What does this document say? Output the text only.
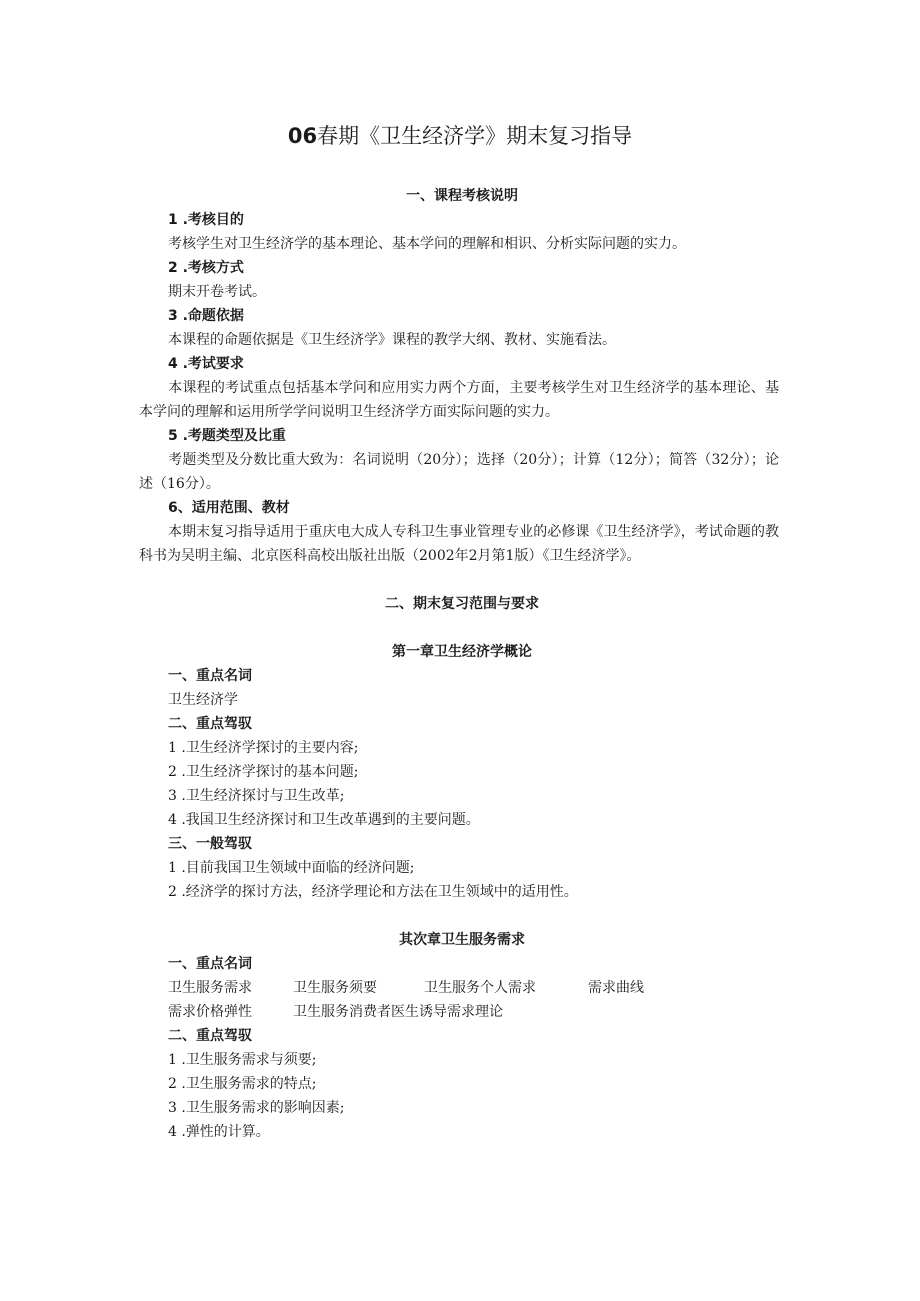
06春期《卫生经济学》期末复习指导
一、课程考核说明
1 .考核目的
考核学生对卫生经济学的基本理论、基本学问的理解和相识、分析实际问题的实力。
2 .考核方式
期末开卷考试。
3 .命题依据
本课程的命题依据是《卫生经济学》课程的教学大纲、教材、实施看法。
4 .考试要求
本课程的考试重点包括基本学问和应用实力两个方面，主要考核学生对卫生经济学的基本理论、基本学问的理解和运用所学学问说明卫生经济学方面实际问题的实力。
5 .考题类型及比重
考题类型及分数比重大致为：名词说明（20分）；选择（20分）；计算（12分）；简答（32分）；论述（16分）。
6、适用范围、教材
本期末复习指导适用于重庆电大成人专科卫生事业管理专业的必修课《卫生经济学》，考试命题的教科书为吴明主编、北京医科高校出版社出版（2002年2月第1版）《卫生经济学》。
二、期末复习范围与要求
第一章卫生经济学概论
一、重点名词
卫生经济学
二、重点驾驭
1 .卫生经济学探讨的主要内容;
2 .卫生经济学探讨的基本问题;
3 .卫生经济探讨与卫生改革;
4 .我国卫生经济探讨和卫生改革遇到的主要问题。
三、一般驾驭
1 .目前我国卫生领域中面临的经济问题;
2 .经济学的探讨方法，经济学理论和方法在卫生领域中的适用性。
其次章卫生服务需求
一、重点名词
卫生服务需求	卫生服务须要	卫生服务个人需求	需求曲线
需求价格弹性	卫生服务消费者医生诱导需求理论
二、重点驾驭
1 .卫生服务需求与须要;
2 .卫生服务需求的特点;
3 .卫生服务需求的影响因素;
4 .弹性的计算。
